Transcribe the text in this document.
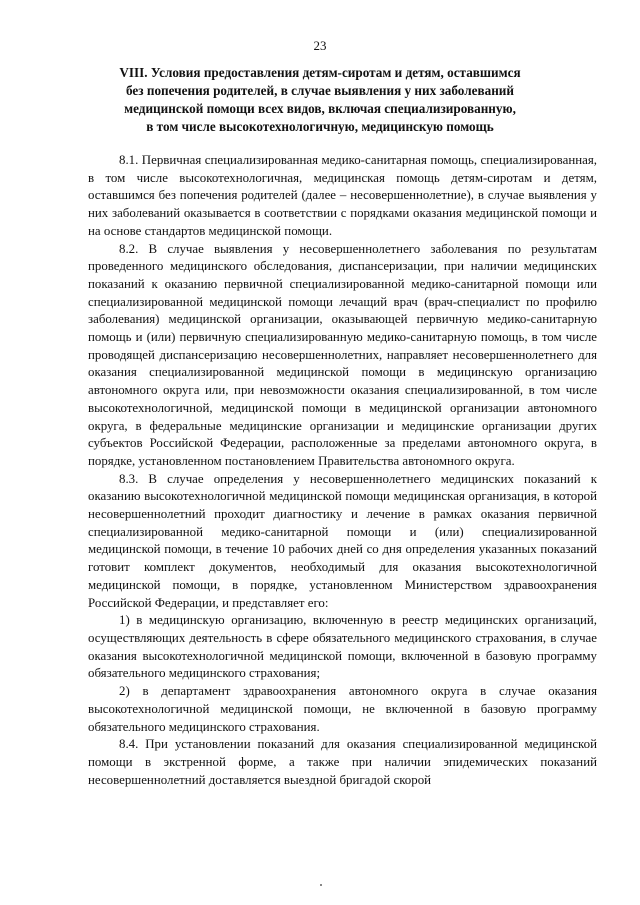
23
VIII. Условия предоставления детям-сиротам и детям, оставшимся
без попечения родителей, в случае выявления у них заболеваний
медицинской помощи всех видов, включая специализированную,
в том числе высокотехнологичную, медицинскую помощь

8.1. Первичная специализированная медико-санитарная помощь, специализированная, в том числе высокотехнологичная, медицинская помощь детям-сиротам и детям, оставшимся без попечения родителей (далее – несовершеннолетние), в случае выявления у них заболеваний оказывается в соответствии с порядками оказания медицинской помощи и на основе стандартов медицинской помощи.

8.2. В случае выявления у несовершеннолетнего заболевания по результатам проведенного медицинского обследования, диспансеризации, при наличии медицинских показаний к оказанию первичной специализированной медико-санитарной помощи или специализированной медицинской помощи лечащий врач (врач-специалист по профилю заболевания) медицинской организации, оказывающей первичную медико-санитарную помощь и (или) первичную специализированную медико-санитарную помощь, в том числе проводящей диспансеризацию несовершеннолетних, направляет несовершеннолетнего для оказания специализированной медицинской помощи в медицинскую организацию автономного округа или, при невозможности оказания специализированной, в том числе высокотехнологичной, медицинской помощи в медицинской организации автономного округа, в федеральные медицинские организации и медицинские организации других субъектов Российской Федерации, расположенные за пределами автономного округа, в порядке, установленном постановлением Правительства автономного округа.

8.3. В случае определения у несовершеннолетнего медицинских показаний к оказанию высокотехнологичной медицинской помощи медицинская организация, в которой несовершеннолетний проходит диагностику и лечение в рамках оказания первичной специализированной медико-санитарной помощи и (или) специализированной медицинской помощи, в течение 10 рабочих дней со дня определения указанных показаний готовит комплект документов, необходимый для оказания высокотехнологичной медицинской помощи, в порядке, установленном Министерством здравоохранения Российской Федерации, и представляет его:

1) в медицинскую организацию, включенную в реестр медицинских организаций, осуществляющих деятельность в сфере обязательного медицинского страхования, в случае оказания высокотехнологичной медицинской помощи, включенной в базовую программу обязательного медицинского страхования;

2) в департамент здравоохранения автономного округа в случае оказания высокотехнологичной медицинской помощи, не включенной в базовую программу обязательного медицинского страхования.

8.4. При установлении показаний для оказания специализированной медицинской помощи в экстренной форме, а также при наличии эпидемических показаний несовершеннолетний доставляется выездной бригадой скорой
